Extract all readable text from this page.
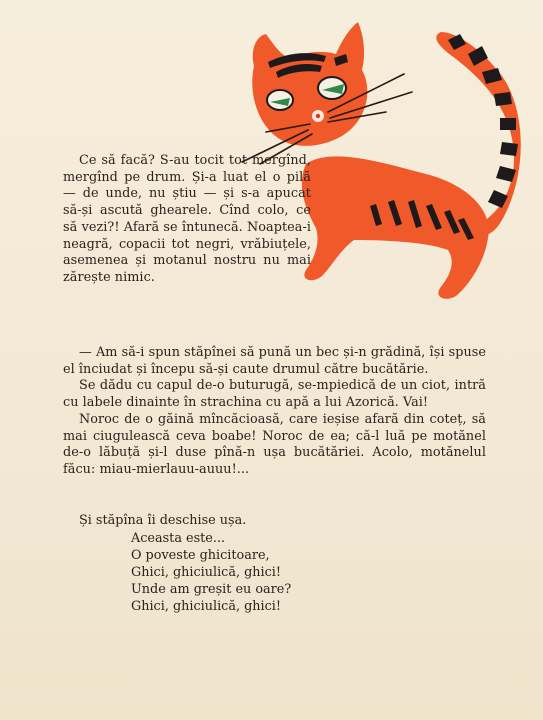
Ce să facă? S-au tocit tot mergînd, mergînd pe drum. Și-a luat el o pilă — de unde, nu știu — și s-a apucat să-și ascută ghearele. Cînd colo, ce să vezi?! Afară se întunecă. Noaptea-i neagră, copacii tot negri, vrăbiuțele, asemenea și motanul nostru nu mai zărește nimic.

— Am să-i spun stăpînei să pună un bec și-n grădină, își spuse el înciudat și începu să-și caute drumul către bucătărie.

Se dădu cu capul de-o buturugă, se-mpiedică de un ciot, intră cu labele dinainte în strachina cu apă a lui Azorică. Vai!

Noroc de o găină mîncăcioasă, care ieșise afară din coteț, să mai ciugulească ceva boabe! Noroc de ea; că-l luă pe motănel de-o lăbuță și-l duse pînă-n ușa bucătăriei. Acolo, motănelul făcu: miau-mierlauu-auuu!...

Și stăpîna îi deschise ușa.
Aceasta este...
O poveste ghicitoare,
Ghici, ghiciulică, ghici!
Unde am greșit eu oare?
Ghici, ghiciulică, ghici!
